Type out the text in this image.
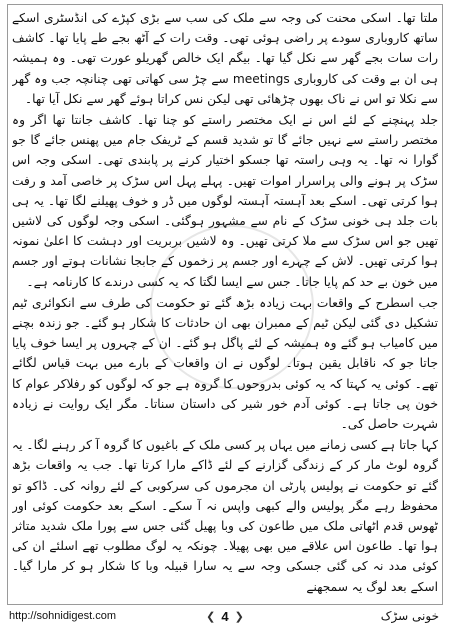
ملتا تھا۔ اسکی محنت کی وجہ سے ملک کی سب سے بڑی کپڑے کی انڈسٹری اسکے ساتھ کاروباری سودے پر راضی ہوئی تھی۔ وقت رات کے آٹھ بجے طے پایا تھا۔ کاشف رات سات بجے گھر سے نکل گیا تھا۔ بیگم ایک خالص گھریلو عورت تھی۔ وہ ہمیشہ ہی ان بے وقت کی کاروباری meetings سے چڑ سی کھاتی تھی چنانچہ جب وہ گھر سے نکلا تو اس نے ناک بھوں چڑھائی تھی لیکن نس کراتا ہوئے گھر سے نکل آیا تھا۔

جلد پہنچنے کے لئے اس نے ایک مختصر راستے کو چنا تھا۔ کاشف جانتا تھا اگر وہ مختصر راستے سے نہیں جائے گا تو شدید قسم کے ٹریفک جام میں پھنس جائے گا جو گوارا نہ تھا۔ یہ وہی راستہ تھا جسکو اختیار کرنے پر پابندی تھی۔ اسکی وجہ اس سڑک پر ہونے والی پراسرار اموات تھیں۔ پہلے پہل اس سڑک پر خاصی آمد و رفت ہوا کرتی تھی۔ اسکے بعد آہستہ آہستہ لوگوں میں ڈر و خوف پھیلنے لگا تھا۔ یہ ہی بات جلد ہی خونی سڑک کے نام سے مشہور ہوگئی۔ اسکی وجہ لوگوں کی لاشیں تھیں جو اس سڑک سے ملا کرتی تھیں۔ وہ لاشیں بربریت اور دہشت کا اعلیٰ نمونہ ہوا کرتی تھیں۔ لاش کے چہرے اور جسم پر زخموں کے جابجا نشانات ہوتے اور جسم میں خون بے حد کم پایا جاتا۔ جس سے ایسا لگتا کہ یہ کسی درندے کا کارنامہ ہے۔

جب اسطرح کے واقعات بہت زیادہ بڑھ گئے تو حکومت کی طرف سے انکوائری ٹیم تشکیل دی گئی لیکن ٹیم کے ممبران بھی ان حادثات کا شکار ہو گئے۔ جو زندہ بچنے میں کامیاب ہو گئے وہ ہمیشہ کے لئے پاگل ہو گئے۔ ان کے چہروں پر ایسا خوف پایا جاتا جو کہ ناقابل یقین ہوتا۔ لوگوں نے ان واقعات کے بارے میں بہت قیاس لگائے تھے۔ کوئی یہ کہتا کہ یہ کوئی بدروحوں کا گروہ ہے جو کہ لوگوں کو رفلاکر عوام کا خون پی جاتا ہے۔ کوئی آدم خور شیر کی داستان سناتا۔ مگر ایک روایت نے زیادہ شہرت حاصل کی۔

کہا جاتا ہے کسی زمانے میں یہاں پر کسی ملک کے باغیوں کا گروہ آ کر رہنے لگا۔ یہ گروہ لوٹ مار کر کے زندگی گزارنے کے لئے ڈاکے مارا کرتا تھا۔ جب یہ واقعات بڑھ گئے تو حکومت نے پولیس پارٹی ان مجرموں کی سرکوبی کے لئے روانہ کی۔ ڈاکو تو محفوظ رہے مگر پولیس والے کبھی واپس نہ آ سکے۔ اسکے بعد حکومت کوئی اور ٹھوس قدم اٹھاتی ملک میں طاعون کی وبا پھیل گئی جس سے پورا ملک شدید متاثر ہوا تھا۔ طاعون اس علاقے میں بھی پھیلا۔ چونکہ یہ لوگ مطلوب تھے اسلئے ان کی کوئی مدد نہ کی گئی جسکی وجہ سے یہ سارا قبیلہ وبا کا شکار ہو کر مارا گیا۔ اسکے بعد لوگ یہ سمجھنے

http://sohnidigest.com	❮ 4 ❯	خونی سڑک
